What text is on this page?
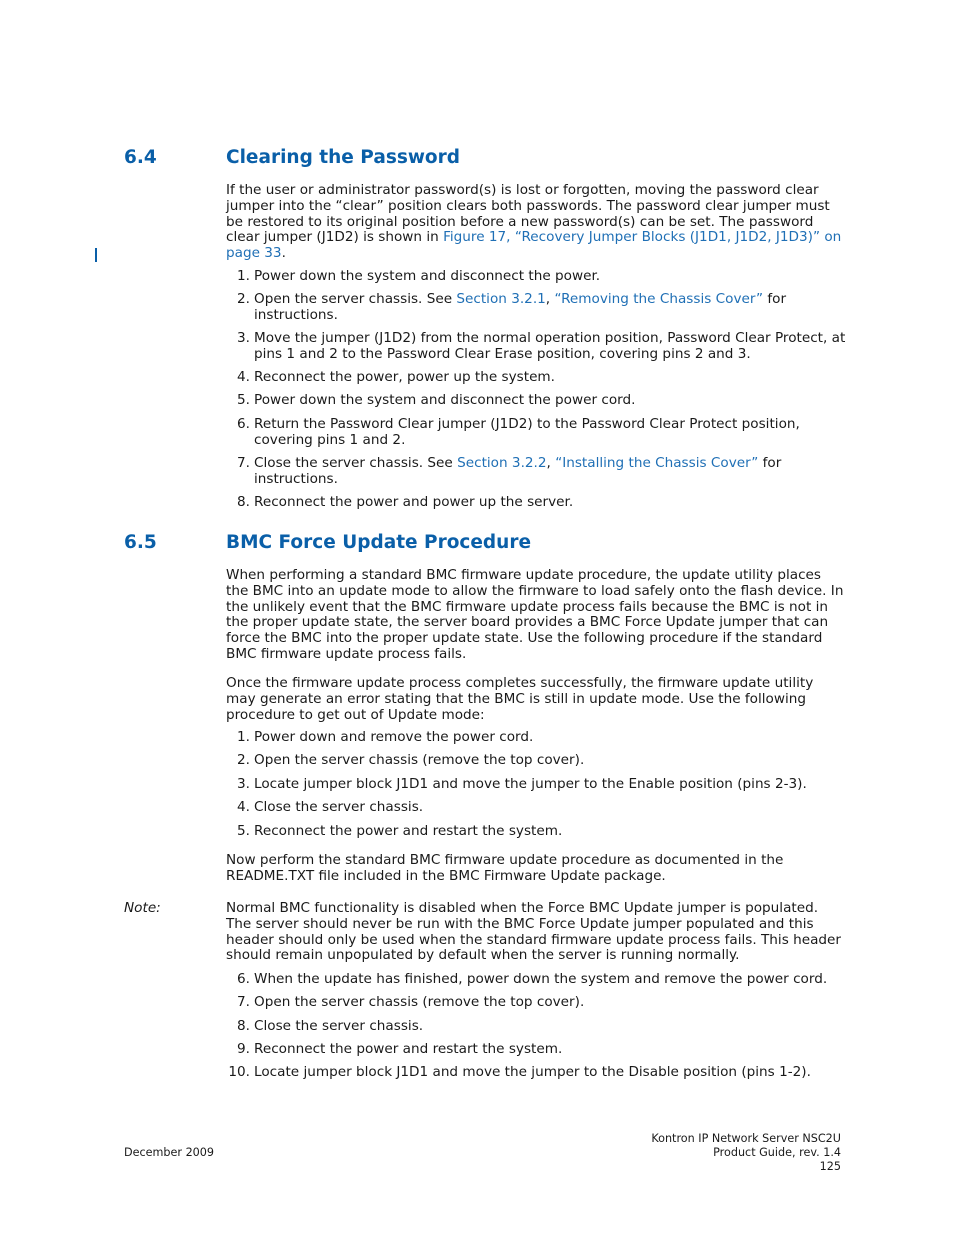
6.4	Clearing the Password

If the user or administrator password(s) is lost or forgotten, moving the password clear jumper into the “clear” position clears both passwords. The password clear jumper must be restored to its original position before a new password(s) can be set. The password clear jumper (J1D2) is shown in Figure 17, “Recovery Jumper Blocks (J1D1, J1D2, J1D3)” on page 33.

1. Power down the system and disconnect the power.
2. Open the server chassis. See Section 3.2.1, “Removing the Chassis Cover” for instructions.
3. Move the jumper (J1D2) from the normal operation position, Password Clear Protect, at pins 1 and 2 to the Password Clear Erase position, covering pins 2 and 3.
4. Reconnect the power, power up the system.
5. Power down the system and disconnect the power cord.
6. Return the Password Clear jumper (J1D2) to the Password Clear Protect position, covering pins 1 and 2.
7. Close the server chassis. See Section 3.2.2, “Installing the Chassis Cover” for instructions.
8. Reconnect the power and power up the server.
6.5	BMC Force Update Procedure

When performing a standard BMC firmware update procedure, the update utility places the BMC into an update mode to allow the firmware to load safely onto the flash device. In the unlikely event that the BMC firmware update process fails because the BMC is not in the proper update state, the server board provides a BMC Force Update jumper that can force the BMC into the proper update state. Use the following procedure if the standard BMC firmware update process fails.

Once the firmware update process completes successfully, the firmware update utility may generate an error stating that the BMC is still in update mode. Use the following procedure to get out of Update mode:

1. Power down and remove the power cord.
2. Open the server chassis (remove the top cover).
3. Locate jumper block J1D1 and move the jumper to the Enable position (pins 2-3).
4. Close the server chassis.
5. Reconnect the power and restart the system.

Now perform the standard BMC firmware update procedure as documented in the README.TXT file included in the BMC Firmware Update package.

Note:	Normal BMC functionality is disabled when the Force BMC Update jumper is populated. The server should never be run with the BMC Force Update jumper populated and this header should only be used when the standard firmware update process fails. This header should remain unpopulated by default when the server is running normally.

6. When the update has finished, power down the system and remove the power cord.
7. Open the server chassis (remove the top cover).
8. Close the server chassis.
9. Reconnect the power and restart the system.
10. Locate jumper block J1D1 and move the jumper to the Disable position (pins 1-2).
December 2009
Kontron IP Network Server NSC2U
Product Guide, rev. 1.4
125
